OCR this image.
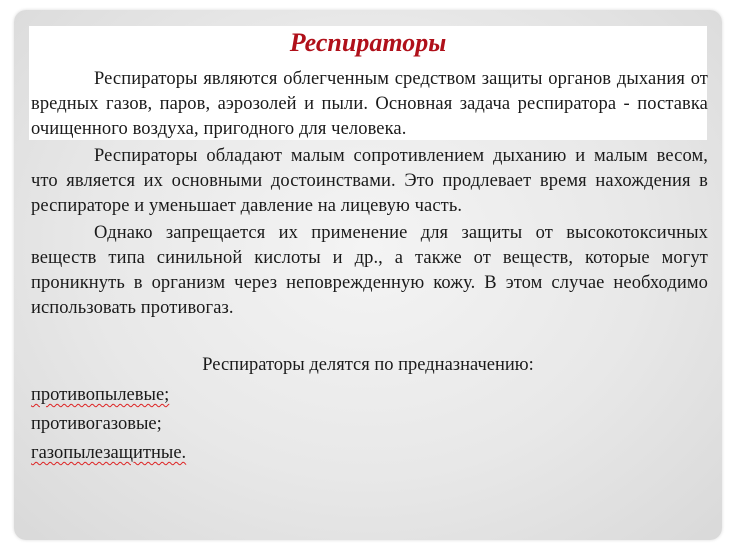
Респираторы

Респираторы являются облегченным средством защиты органов дыхания от вредных газов, паров, аэрозолей и пыли. Основная задача респиратора - поставка очищенного воздуха, пригодного для человека.

Респираторы обладают малым сопротивлением дыханию и малым весом, что является их основными достоинствами. Это продлевает время нахождения в респираторе и уменьшает давление на лицевую часть.

Однако запрещается их применение для защиты от высокотоксичных веществ типа синильной кислоты и др., а также от веществ, которые могут проникнуть в организм через неповрежденную кожу. В этом случае необходимо использовать противогаз.

Респираторы делятся по предназначению:
противопылевые;
противогазовые;
газопылезащитные.
